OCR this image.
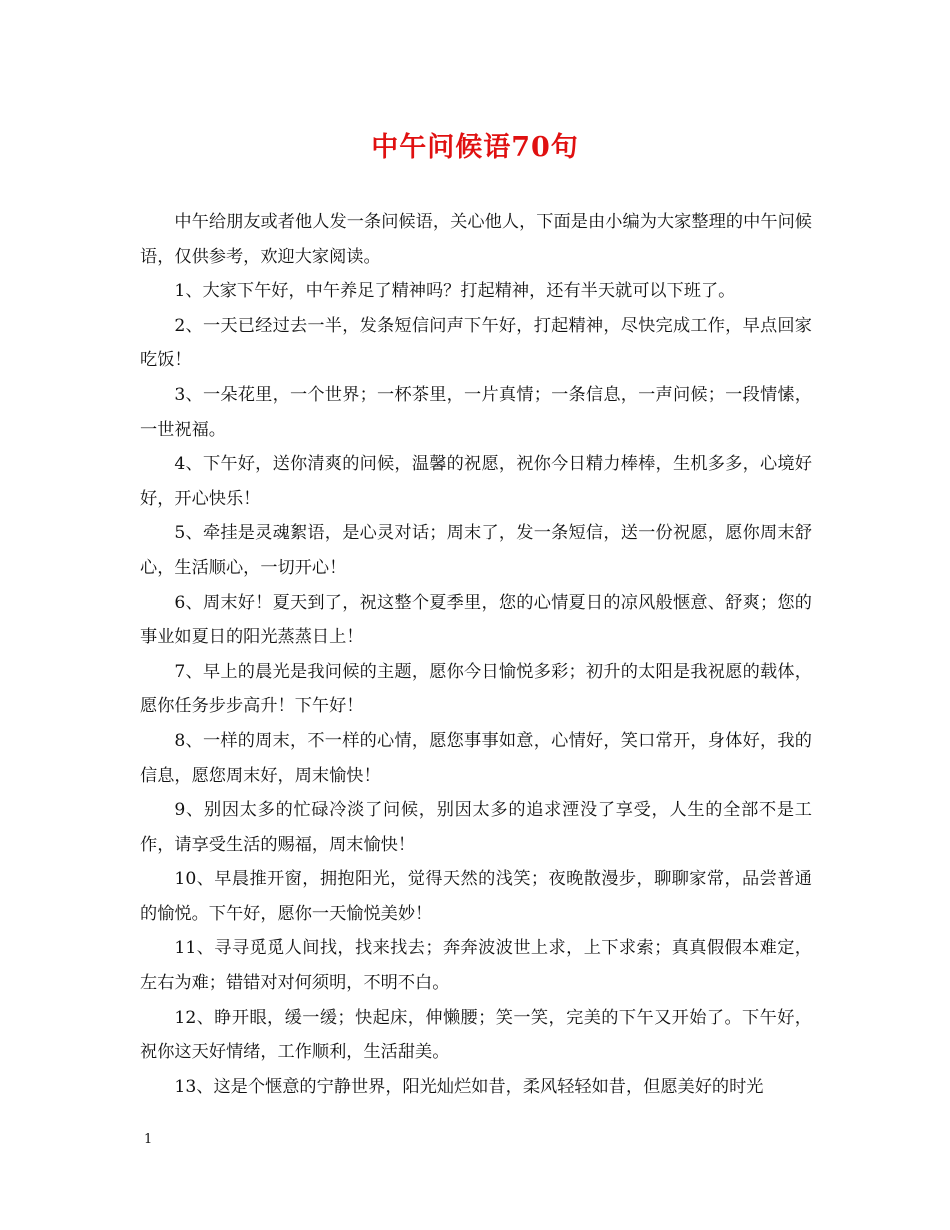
中午问候语70句

中午给朋友或者他人发一条问候语，关心他人，下面是由小编为大家整理的中午问候语，仅供参考，欢迎大家阅读。

1、大家下午好，中午养足了精神吗？打起精神，还有半天就可以下班了。

2、一天已经过去一半，发条短信问声下午好，打起精神，尽快完成工作，早点回家吃饭！

3、一朵花里，一个世界；一杯茶里，一片真情；一条信息，一声问候；一段情愫，一世祝福。

4、下午好，送你清爽的问候，温馨的祝愿，祝你今日精力棒棒，生机多多，心境好好，开心快乐！

5、牵挂是灵魂絮语，是心灵对话；周末了，发一条短信，送一份祝愿，愿你周末舒心，生活顺心，一切开心！

6、周末好！夏天到了，祝这整个夏季里，您的心情夏日的凉风般惬意、舒爽；您的事业如夏日的阳光蒸蒸日上！

7、早上的晨光是我问候的主题，愿你今日愉悦多彩；初升的太阳是我祝愿的载体，愿你任务步步高升！下午好！

8、一样的周末，不一样的心情，愿您事事如意，心情好，笑口常开，身体好，我的信息，愿您周末好，周末愉快！

9、别因太多的忙碌冷淡了问候，别因太多的追求湮没了享受，人生的全部不是工作，请享受生活的赐福，周末愉快！

10、早晨推开窗，拥抱阳光，觉得天然的浅笑；夜晚散漫步，聊聊家常，品尝普通的愉悦。下午好，愿你一天愉悦美妙！

11、寻寻觅觅人间找，找来找去；奔奔波波世上求，上下求索；真真假假本难定，左右为难；错错对对何须明，不明不白。

12、睁开眼，缓一缓；快起床，伸懒腰；笑一笑，完美的下午又开始了。下午好，祝你这天好情绪，工作顺利，生活甜美。

13、这是个惬意的宁静世界，阳光灿烂如昔，柔风轻轻如昔，但愿美好的时光

1
